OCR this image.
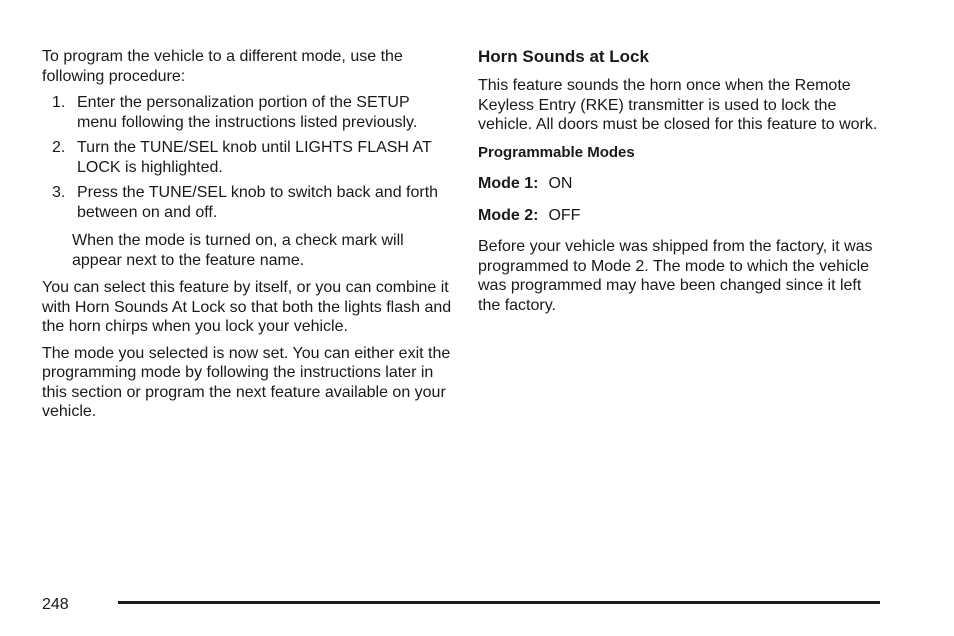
To program the vehicle to a different mode, use the following procedure:

1. Enter the personalization portion of the SETUP menu following the instructions listed previously.
2. Turn the TUNE/SEL knob until LIGHTS FLASH AT LOCK is highlighted.
3. Press the TUNE/SEL knob to switch back and forth between on and off.

When the mode is turned on, a check mark will appear next to the feature name.

You can select this feature by itself, or you can combine it with Horn Sounds At Lock so that both the lights flash and the horn chirps when you lock your vehicle.

The mode you selected is now set. You can either exit the programming mode by following the instructions later in this section or program the next feature available on your vehicle.

Horn Sounds at Lock

This feature sounds the horn once when the Remote Keyless Entry (RKE) transmitter is used to lock the vehicle. All doors must be closed for this feature to work.

Programmable Modes

Mode 1: ON

Mode 2: OFF

Before your vehicle was shipped from the factory, it was programmed to Mode 2. The mode to which the vehicle was programmed may have been changed since it left the factory.

248
